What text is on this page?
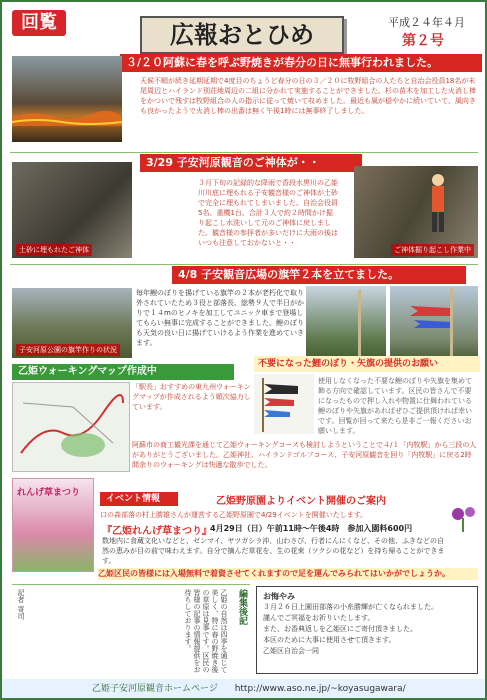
回覧	広報おとひめ	平成２４年４月
第２号
３/２０阿蘇に春を呼ぶ野焼きが春分の日に無事行われました。
天候不順が続き延期延期で4度目のちょうど春分の日の３／２０に牧野組合の人たちと自治会役員18名が未尾周辺とハイランド別荘地周辺の二組に分かれて実施することができました。杉の苗木を加工した火消し棒をかついで残すは牧野組合の人の指示に従って焼いて収めました。最近も風が穏やかに続いていて、風向きも良かったようで火消し棒の出番は無く午後1時には無事終了しました。
3/29 子安河原観音のご神体が・・
土砂に埋もれたご神体
３月下旬の記録的な降雨で香段水黒川の乙姫川川底に埋もれる子安観音様のご神体が土砂で完全に埋もれてしまいました。自治会役員5名、重機1台、合計３人で約２時間かけ掘り起こし水洗いして元のご神体に戻しました。観音様の参拝者が多いだけに大雨の後はいつも注意しておかないと・・
ご神体掘り起こし作業中
4/8 子安観音広場の旗竿２本を立てました。
子安河原公園の旗竿作りの状況
毎年鯉のぼりを揚げている旗竿の２本が老朽化で取り外されていたため３役と部落長、総勢９人で半日がかりで１４mのヒノキを加工してユニック車まで登場してもらい無事に完成することができました。鯉のぼりも天気の良い日に揚げていけるよう作業を進めていきます。
乙姫ウォーキングマップ作成中
「駅長」おすすめの東九州ウォーキングマップが作成されるよう順次協力しています。
阿蘇市の商工観光課を通じて乙姫ウォーキングコースも検討しようということで４/１「内牧駅」から三段の人がありがとうございました。乙姫神社、ハイランドゴルフコース、子安河原観音を回り「内牧駅」に戻る2時間余りのウォーキングは快適な散歩でした。
不要になった鯉のぼり・矢旗の提供のお願い
使用しなくなった不要な鯉のぼりや矢旗を集めて飾る方向で確認しています。区民の皆さんで不要になったもので押し入れや物置に仕舞われている鯉のぼりや矢旗があればぜひご提供頂ければ幸いです。回覧が回って来たら是非ご一報くださいお願いします。
れんげ草まつり
イベント情報	乙姫野原園よりイベント開催のご案内
口の森部落の村上勝雄さんが運営する乙姫野原園で4/29イベントを開催いたします。
『乙姫れんげ草まつり』
4月29日（日）午前11時～午後4時　参加入園料600円
数地内に食蔵文化いなどと、ゼンマイ、ヤツガシラ沖、山わさび、行者にんにくなど、その他、ふきなどの自然の恵みが目の前で味わえます。自分で摘んだ草花を、生の花束（ツクシの花など）を持ち帰ることができます。
乙姫区民の皆様には入場無料で着資させてくれますので足を運んでみられてはいかがでしょうか。
編集後記
記者 寄司	乙姫の自然は四季を通じて美しく、特に春の野焼き後の草原は見事です。区民の皆様の記事の情報提供をお待ちしております。	お悔やみ
３月２６日上園田部落の小糸勝輝が亡くなられました。
謹んでご冥福をお祈りいたします。
また、お香典返しを乙姫区にご寄付頂きました。
本区のために大事に使用させて頂きます。
乙姫区自治会一同
乙姫子安河原観音ホームページ http://www.aso.ne.jp/~koyasugawara/
